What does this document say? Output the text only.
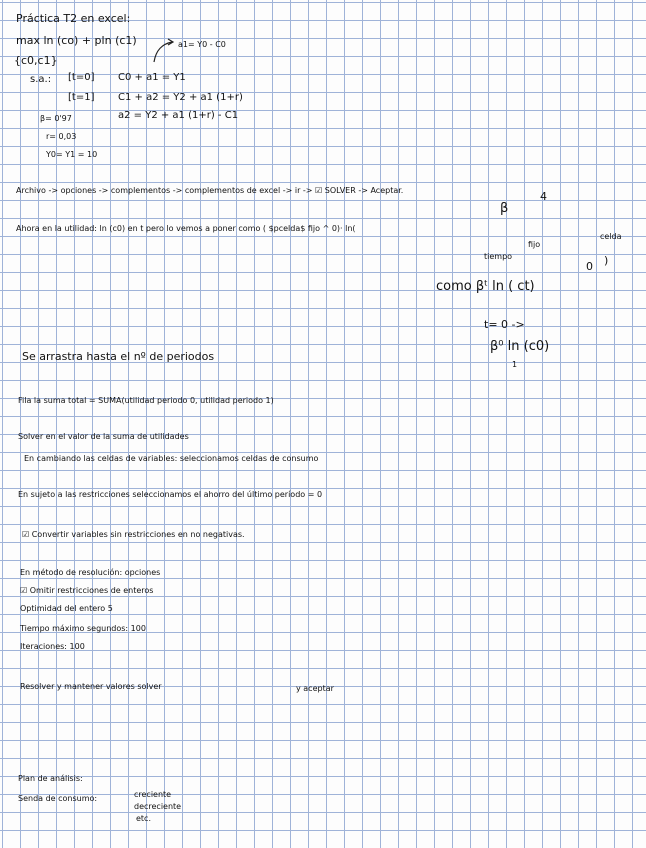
Práctica T2 en excel:
max ln (co) + pln (c1)	a1= Y0 - C0
{c0,c1}
s.a.: [t=0] C0 + a1 = Y1
[t=1] C1 + a2 = Y2 + a1 (1+r)
β= 0'97	a2 = Y2 + a1 (1+r) - C1
r= 0,03
Y0= Y1 = 10
Archivo -> opciones -> complementos -> complementos de excel -> ir -> ☑ SOLVER -> Aceptar.
β
4
Ahora en la utilidad: ln (c0) en t pero lo vemos a poner como ( $pcelda$ fijo ^ 0)· ln(
fijo
celda
tiempo
0 )
como βᵗ ln ( ct)
t= 0 ->
β⁰ ln (c0)
1
Se arrastra hasta el nº de periodos
Fila la suma total = SUMA(utilidad periodo 0, utilidad periodo 1)
Solver en el valor de la suma de utilidades
En cambiando las celdas de variables: seleccionamos celdas de consumo
En sujeto a las restricciones seleccionamos el ahorro del último período = 0
☑ Convertir variables sin restricciones en no negativas.
En método de resolución: opciones
☑ Omitir restricciones de enteros
Optimidad del entero 5
Tiempo máximo segundos: 100
Iteraciones: 100
Resolver y mantener valores solver	y aceptar
Plan de análisis:
Senda de consumo:	creciente
decreciente
etc.
